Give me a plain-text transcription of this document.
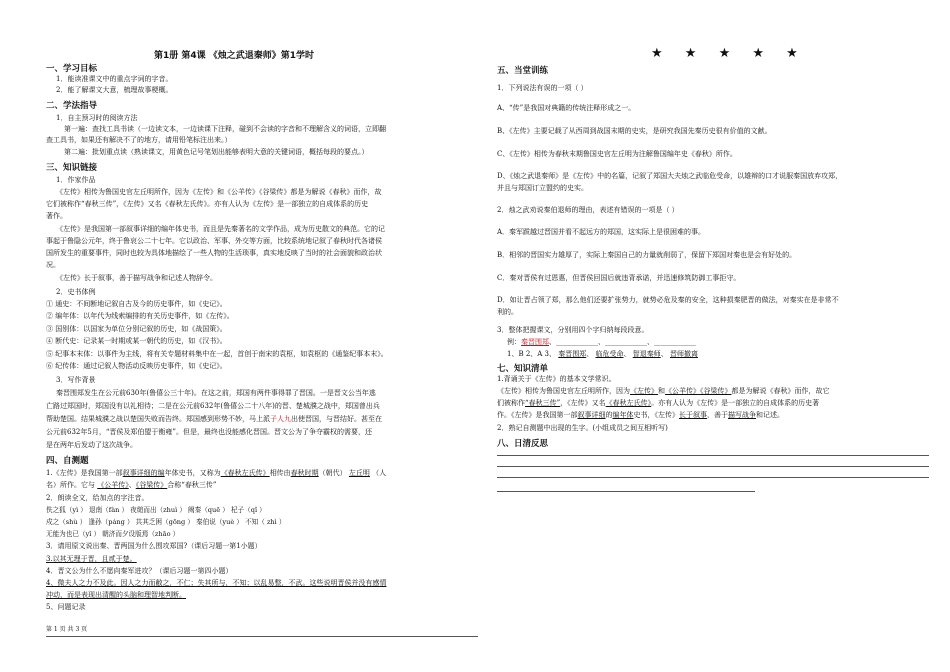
第1册 第4课 《烛之武退秦师》第1学时
一、学习目标
1．能读准课文中的重点字词的字音。
2．能了解课文大意，梳理故事梗概。
二、学法指导
1．自主预习时的阅读方法
第一遍：查找工具书读（一边读文本，一边读课下注释，碰到不会读的字音和不理解含义的词语，立即翻
查工具书，如果还有解决不了的地方，请用铅笔标注出来。）
第二遍：批划重点读（熟读课文，用黄色记号笔划出能够表明大意的关键词语，概括每段的要点。）
三、知识链接
1．作家作品
《左传》相传为鲁国史官左丘明所作，因为《左传》和《公羊传》《谷梁传》都是为解说《春秋》而作，故
它们被称作“春秋三传”，《左传》又名《春秋左氏传》。亦有人认为《左传》是一部独立的自成体系的历史
著作。
《左传》是我国第一部叙事详细的编年体史书，而且是先秦著名的文学作品，成为历史散文的典范。它的记
事起于鲁隐公元年，终于鲁哀公二十七年。它以政治、军事、外交等方面，比较系统地记叙了春秋时代各诸侯
国所发生的重要事件，同时也较为具体地描绘了一些人物的生活琐事，真实地反映了当时的社会面貌和政治状
况。
《左传》长于叙事，善于描写战争和记述人物辞令。
2．史书体例
① 通史：不间断地记叙自古及今的历史事件，如《史记》。
② 编年体：以年代为线索编排的有关历史事件，如《左传》。
③ 国别体：以国家为单位分别记叙的历史，如《战国策》。
④ 断代史：记录某一时期或某一朝代的历史，如《汉书》。
⑤ 纪事本末体：以事件为主线，将有关专题材料集中在一起，首创于南宋的袁枢，如袁枢的《通鉴纪事本末》。
⑥ 纪传体：通过记叙人物活动反映历史事件，如《史记》。
3．写作背景
秦晋围郑发生在公元前630年(鲁僖公三十年)。在这之前，郑国有两件事得罪了晋国。一是晋文公当年逃
亡路过郑国时，郑国没有以礼相待；二是在公元前632年(鲁僖公二十八年)的晋、楚城濮之战中，郑国曾出兵
帮助楚国。结果城濮之战以楚国失败而告终。郑国感到形势不妙，马上派子人九出使晋国，与晋结好。甚至在
公元前632年5月，“晋侯及郑伯盟于衡雍”。但是，最终也没能感化晋国。晋文公为了争夺霸权的需要，还
是在两年后发动了这次战争。
四、自测题
1.《左传》是我国第一部叙事详细的编年体史书，又称为《春秋左氏传》相传由春秋时期（朝代） 左丘明 （人
名）所作。它与 《公羊传》、《谷梁传》合称“春秋三传”
2．朗读全文，给加点的字注音。
佚之狐（yì ） 退南（fàn ） 夜缒而出（zhuì ） 阙秦（quē ） 杞子（qǐ ）
戍之（shù ） 逢孙（páng ） 共其乏困（gōng ） 秦伯说（yuè ） 不知（ zhì ）
无能为也已（yǐ ） 朝济而夕设版焉（zhāo ）
3．请用原文说出秦、晋两国为什么围攻郑国?（课后习题一第1小题）
3.以其无理于晋，且贰于楚。
4．晋文公为什么不愿向秦军进攻？（课后习题一第四小题）
4、微夫人之力不及此。因人之力而敝之，不仁；失其所与，不知；以乱易整，不武。这些说明晋侯并没有感情
冲动，而是表现出清醒的头脑和理智地判断。
5、问题记录
第 1 页 共 3 页
★ ★ ★ ★ ★
五、当堂训练
1．下列说法有误的一项（ ）
A、“传”是我国对典籍的传统注释形成之一。
B、《左传》主要记载了从西周到战国末期的史实，是研究我国先秦历史很有价值的文献。
C、《左传》相传为春秋末期鲁国史官左丘明为注解鲁国编年史《春秋》所作。
D、《烛之武退秦师》是《左传》中的名篇，记叙了郑国大夫烛之武临危受命，以雄辩的口才说服秦国放弃攻郑，
并且与郑国订立盟约的史实。
2．烛之武劝说秦伯退师的理由，表述有错误的一项是（ ）
A．秦军跋越过晋国并看不起远方的郑国，这实际上是很困难的事。
B．相邻的晋国实力雄厚了，实际上秦国自己的力量就削弱了，保留下郑国对秦也是会有好处的。
C．秦对晋侯有过恩惠，但晋侯回国后就违背承诺，并迅速修筑防御工事拒守。
D．如让晋占领了郑，那么他们还要扩张势力，就势必危及秦的安全，这种损秦肥晋的做法，对秦实在是非常不
利的。
3．整体把握课文，分别用四个字归纳每段段意。
例：秦晋围郑、____________、____________、____________
1、B 2、A 3、 秦晋围郑、 临危受命、 智退秦师、 晋师撤离
七、知识清单
1.背诵关于《左传》的基本文学常识。
《左传》相传为鲁国史官左丘明所作，因为《左传》和《公羊传》《谷梁传》都是为解说《春秋》而作，故它
们被称作“春秋三传”，《左传》又名《春秋左氏传》。亦有人认为《左传》是一部独立的自成体系的历史著
作。《左传》是我国第一部叙事详细的编年体史书，《左传》长于叙事，善于描写战争和记述。
2．熟记自测题中出现的生字。(小组成员之间互相听写)
八、日清反思
